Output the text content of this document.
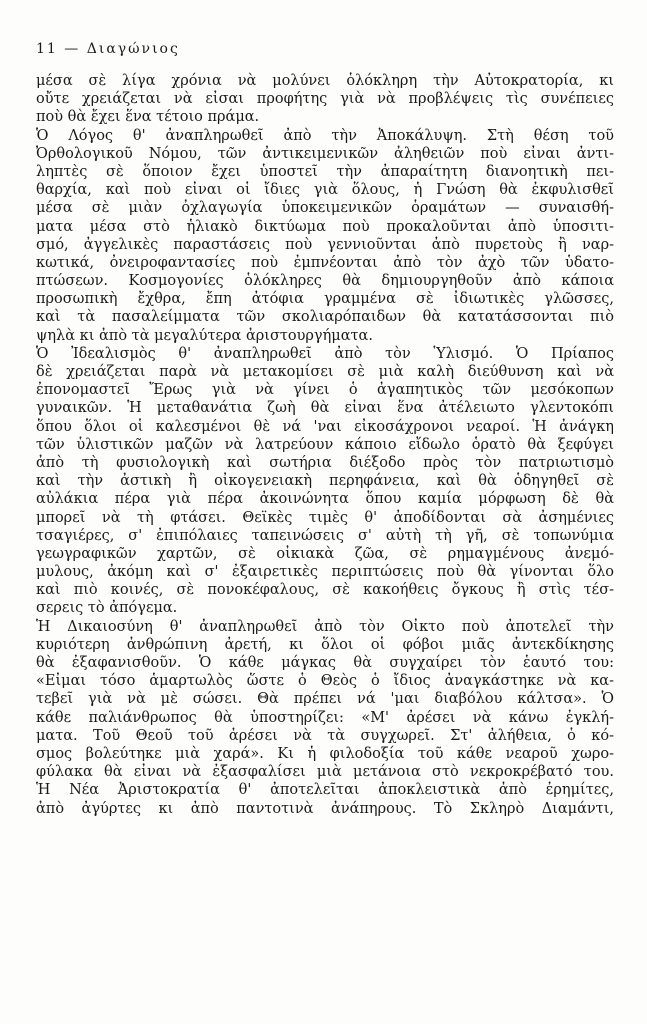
11 — Διαγώνιος
μέσα σὲ λίγα χρόνια νὰ μολύνει ὁλόκληρη τὴν Αὐτοκρατορία, κι
οὔτε χρειάζεται νὰ εἶσαι προφήτης γιὰ νὰ προβλέψεις τὶς συνέπειες
ποὺ θὰ ἔχει ἕνα τέτοιο πράμα.
Ὁ Λόγος θ' ἀναπληρωθεῖ ἀπὸ τὴν Ἀποκάλυψη. Στὴ θέση τοῦ
Ὀρθολογικοῦ Νόμου, τῶν ἀντικειμενικῶν ἀληθειῶν ποὺ εἶναι ἀντι-
ληπτὲς σὲ ὅποιον ἔχει ὑποστεῖ τὴν ἀπαραίτητη διανοητικὴ πει-
θαρχία, καὶ ποὺ εἶναι οἱ ἴδιες γιὰ ὅλους, ἡ Γνώση θὰ ἐκφυλισθεῖ
μέσα σὲ μιὰν ὀχλαγωγία ὑποκειμενικῶν ὁραμάτων — συναισθή-
ματα μέσα στὸ ἡλιακὸ δικτύωμα ποὺ προκαλοῦνται ἀπὸ ὑποσιτι-
σμό, ἀγγελικὲς παραστάσεις ποὺ γεννιοῦνται ἀπὸ πυρετοὺς ἢ ναρ-
κωτικά, ὀνειροφαντασίες ποὺ ἐμπνέονται ἀπὸ τὸν ἀχὸ τῶν ὑδατο-
πτώσεων. Κοσμογονίες ὁλόκληρες θὰ δημιουργηθοῦν ἀπὸ κάποια
προσωπικὴ ἔχθρα, ἔπη ἀτόφια γραμμένα σὲ ἰδιωτικὲς γλῶσσες,
καὶ τὰ πασαλείμματα τῶν σκολιαρόπαιδων θὰ κατατάσσονται πιὸ
ψηλὰ κι ἀπὸ τὰ μεγαλύτερα ἀριστουργήματα.
Ὁ Ἰδεαλισμὸς θ' ἀναπληρωθεῖ ἀπὸ τὸν Ὑλισμό. Ὁ Πρίαπος
δὲ χρειάζεται παρὰ νὰ μετακομίσει σὲ μιὰ καλὴ διεύθυνση καὶ νὰ
ἐπονομαστεῖ Ἔρως γιὰ νὰ γίνει ὁ ἀγαπητικὸς τῶν μεσόκοπων
γυναικῶν. Ἡ μεταθανάτια ζωὴ θὰ εἶναι ἕνα ἀτέλειωτο γλεντοκόπι
ὅπου ὅλοι οἱ καλεσμένοι θὲ νά 'ναι εἰκοσάχρονοι νεαροί. Ἡ ἀνάγκη
τῶν ὑλιστικῶν μαζῶν νὰ λατρεύουν κάποιο εἴδωλο ὁρατὸ θὰ ξεφύγει
ἀπὸ τὴ φυσιολογικὴ καὶ σωτήρια διέξοδο πρὸς τὸν πατριωτισμὸ
καὶ τὴν ἀστικὴ ἢ οἰκογενειακὴ περηφάνεια, καὶ θὰ ὁδηγηθεῖ σὲ
αὐλάκια πέρα γιὰ πέρα ἀκοινώνητα ὅπου καμία μόρφωση δὲ θὰ
μπορεῖ νὰ τὴ φτάσει. Θεϊκὲς τιμὲς θ' ἀποδίδονται σὰ ἀσημένιες
τσαγιέρες, σ' ἐπιπόλαιες ταπεινώσεις σ' αὐτὴ τὴ γῆ, σὲ τοπωνύμια
γεωγραφικῶν χαρτῶν, σὲ οἰκιακὰ ζῶα, σὲ ρημαγμένους ἀνεμό-
μυλους, ἀκόμη καὶ σ' ἐξαιρετικὲς περιπτώσεις ποὺ θὰ γίνονται ὅλο
καὶ πιὸ κοινές, σὲ πονοκέφαλους, σὲ κακοήθεις ὄγκους ἢ στὶς τέσ-
σερεις τὸ ἀπόγεμα.
Ἡ Δικαιοσύνη θ' ἀναπληρωθεῖ ἀπὸ τὸν Οἶκτο ποὺ ἀποτελεῖ τὴν
κυριότερη ἀνθρώπινη ἀρετή, κι ὅλοι οἱ φόβοι μιᾶς ἀντεκδίκησης
θὰ ἐξαφανισθοῦν. Ὁ κάθε μάγκας θὰ συγχαίρει τὸν ἑαυτό του:
«Εἶμαι τόσο ἁμαρτωλὸς ὥστε ὁ Θεὸς ὁ ἴδιος ἀναγκάστηκε νὰ κα-
τεβεῖ γιὰ νὰ μὲ σώσει. Θὰ πρέπει νά 'μαι διαβόλου κάλτσα». Ὁ
κάθε παλιάνθρωπος θὰ ὑποστηρίζει: «Μ' ἀρέσει νὰ κάνω ἐγκλή-
ματα. Τοῦ Θεοῦ τοῦ ἀρέσει νὰ τὰ συγχωρεῖ. Στ' ἀλήθεια, ὁ κό-
σμος βολεύτηκε μιὰ χαρά». Κι ἡ φιλοδοξία τοῦ κάθε νεαροῦ χωρο-
φύλακα θὰ εἶναι νὰ ἐξασφαλίσει μιὰ μετάνοια στὸ νεκροκρέβατό του.
Ἡ Νέα Ἀριστοκρατία θ' ἀποτελεῖται ἀποκλειστικὰ ἀπὸ ἐρημίτες,
ἀπὸ ἀγύρτες κι ἀπὸ παντοτινὰ ἀνάπηρους. Τὸ Σκληρὸ Διαμάντι,
